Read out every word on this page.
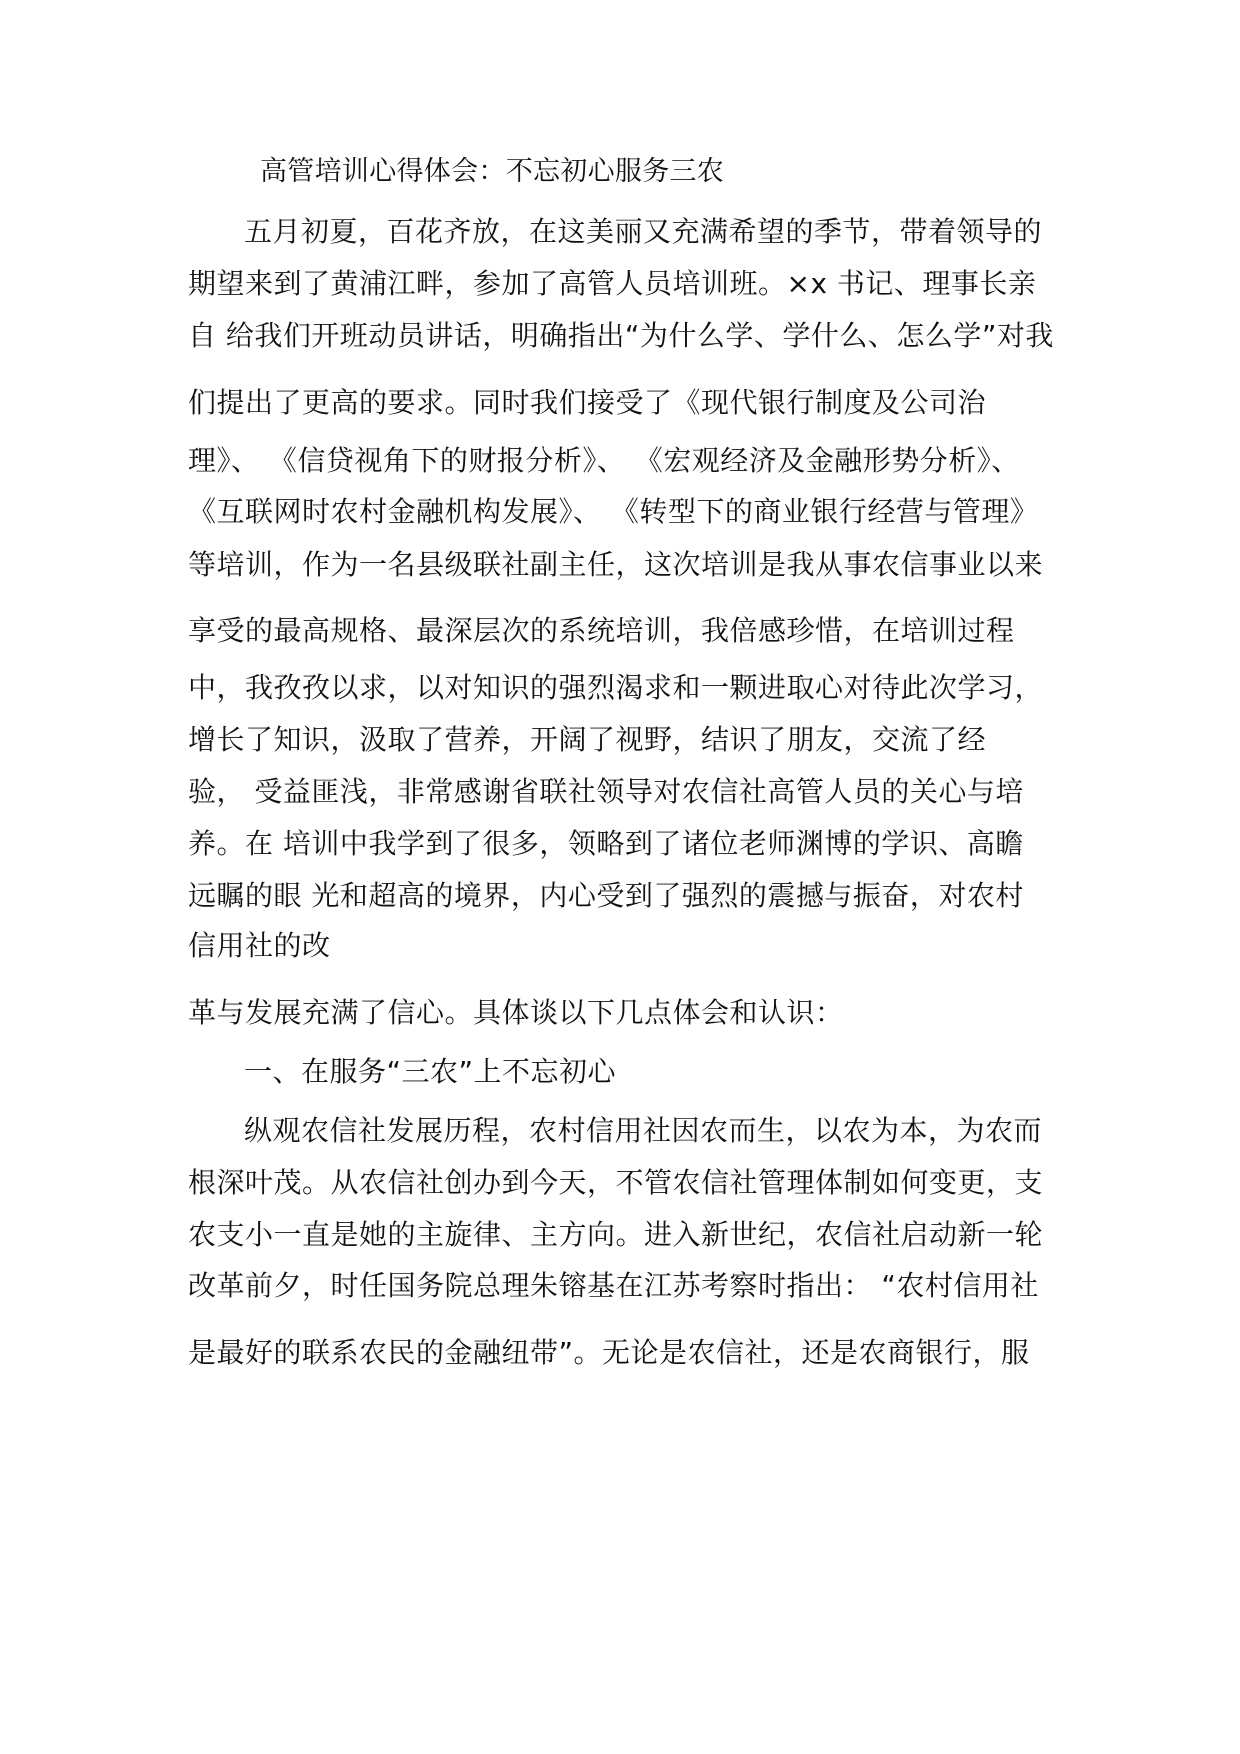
高管培训心得体会：不忘初心服务三农
五月初夏，百花齐放，在这美丽又充满希望的季节，带着领导的
期望来到了黄浦江畔，参加了高管人员培训班。×x 书记、理事长亲
自 给我们开班动员讲话，明确指出“为什么学、学什么、怎么学”对我
们提出了更高的要求。同时我们接受了《现代银行制度及公司治
理》、 《信贷视角下的财报分析》、 《宏观经济及金融形势分析》、
《互联网时农村金融机构发展》、 《转型下的商业银行经营与管理》
等培训，作为一名县级联社副主任，这次培训是我从事农信事业以来
享受的最高规格、最深层次的系统培训，我倍感珍惜，在培训过程
中，我孜孜以求，以对知识的强烈渴求和一颗进取心对待此次学习，
增长了知识，汲取了营养，开阔了视野，结识了朋友，交流了经
验， 受益匪浅，非常感谢省联社领导对农信社高管人员的关心与培
养。在 培训中我学到了很多，领略到了诸位老师渊博的学识、高瞻
远瞩的眼 光和超高的境界，内心受到了强烈的震撼与振奋，对农村
信用社的改
革与发展充满了信心。具体谈以下几点体会和认识：
一、在服务“三农”上不忘初心
纵观农信社发展历程，农村信用社因农而生，以农为本，为农而
根深叶茂。从农信社创办到今天，不管农信社管理体制如何变更，支
农支小一直是她的主旋律、主方向。进入新世纪，农信社启动新一轮
改革前夕，时任国务院总理朱镕基在江苏考察时指出： “农村信用社
是最好的联系农民的金融纽带”。无论是农信社，还是农商银行，服
